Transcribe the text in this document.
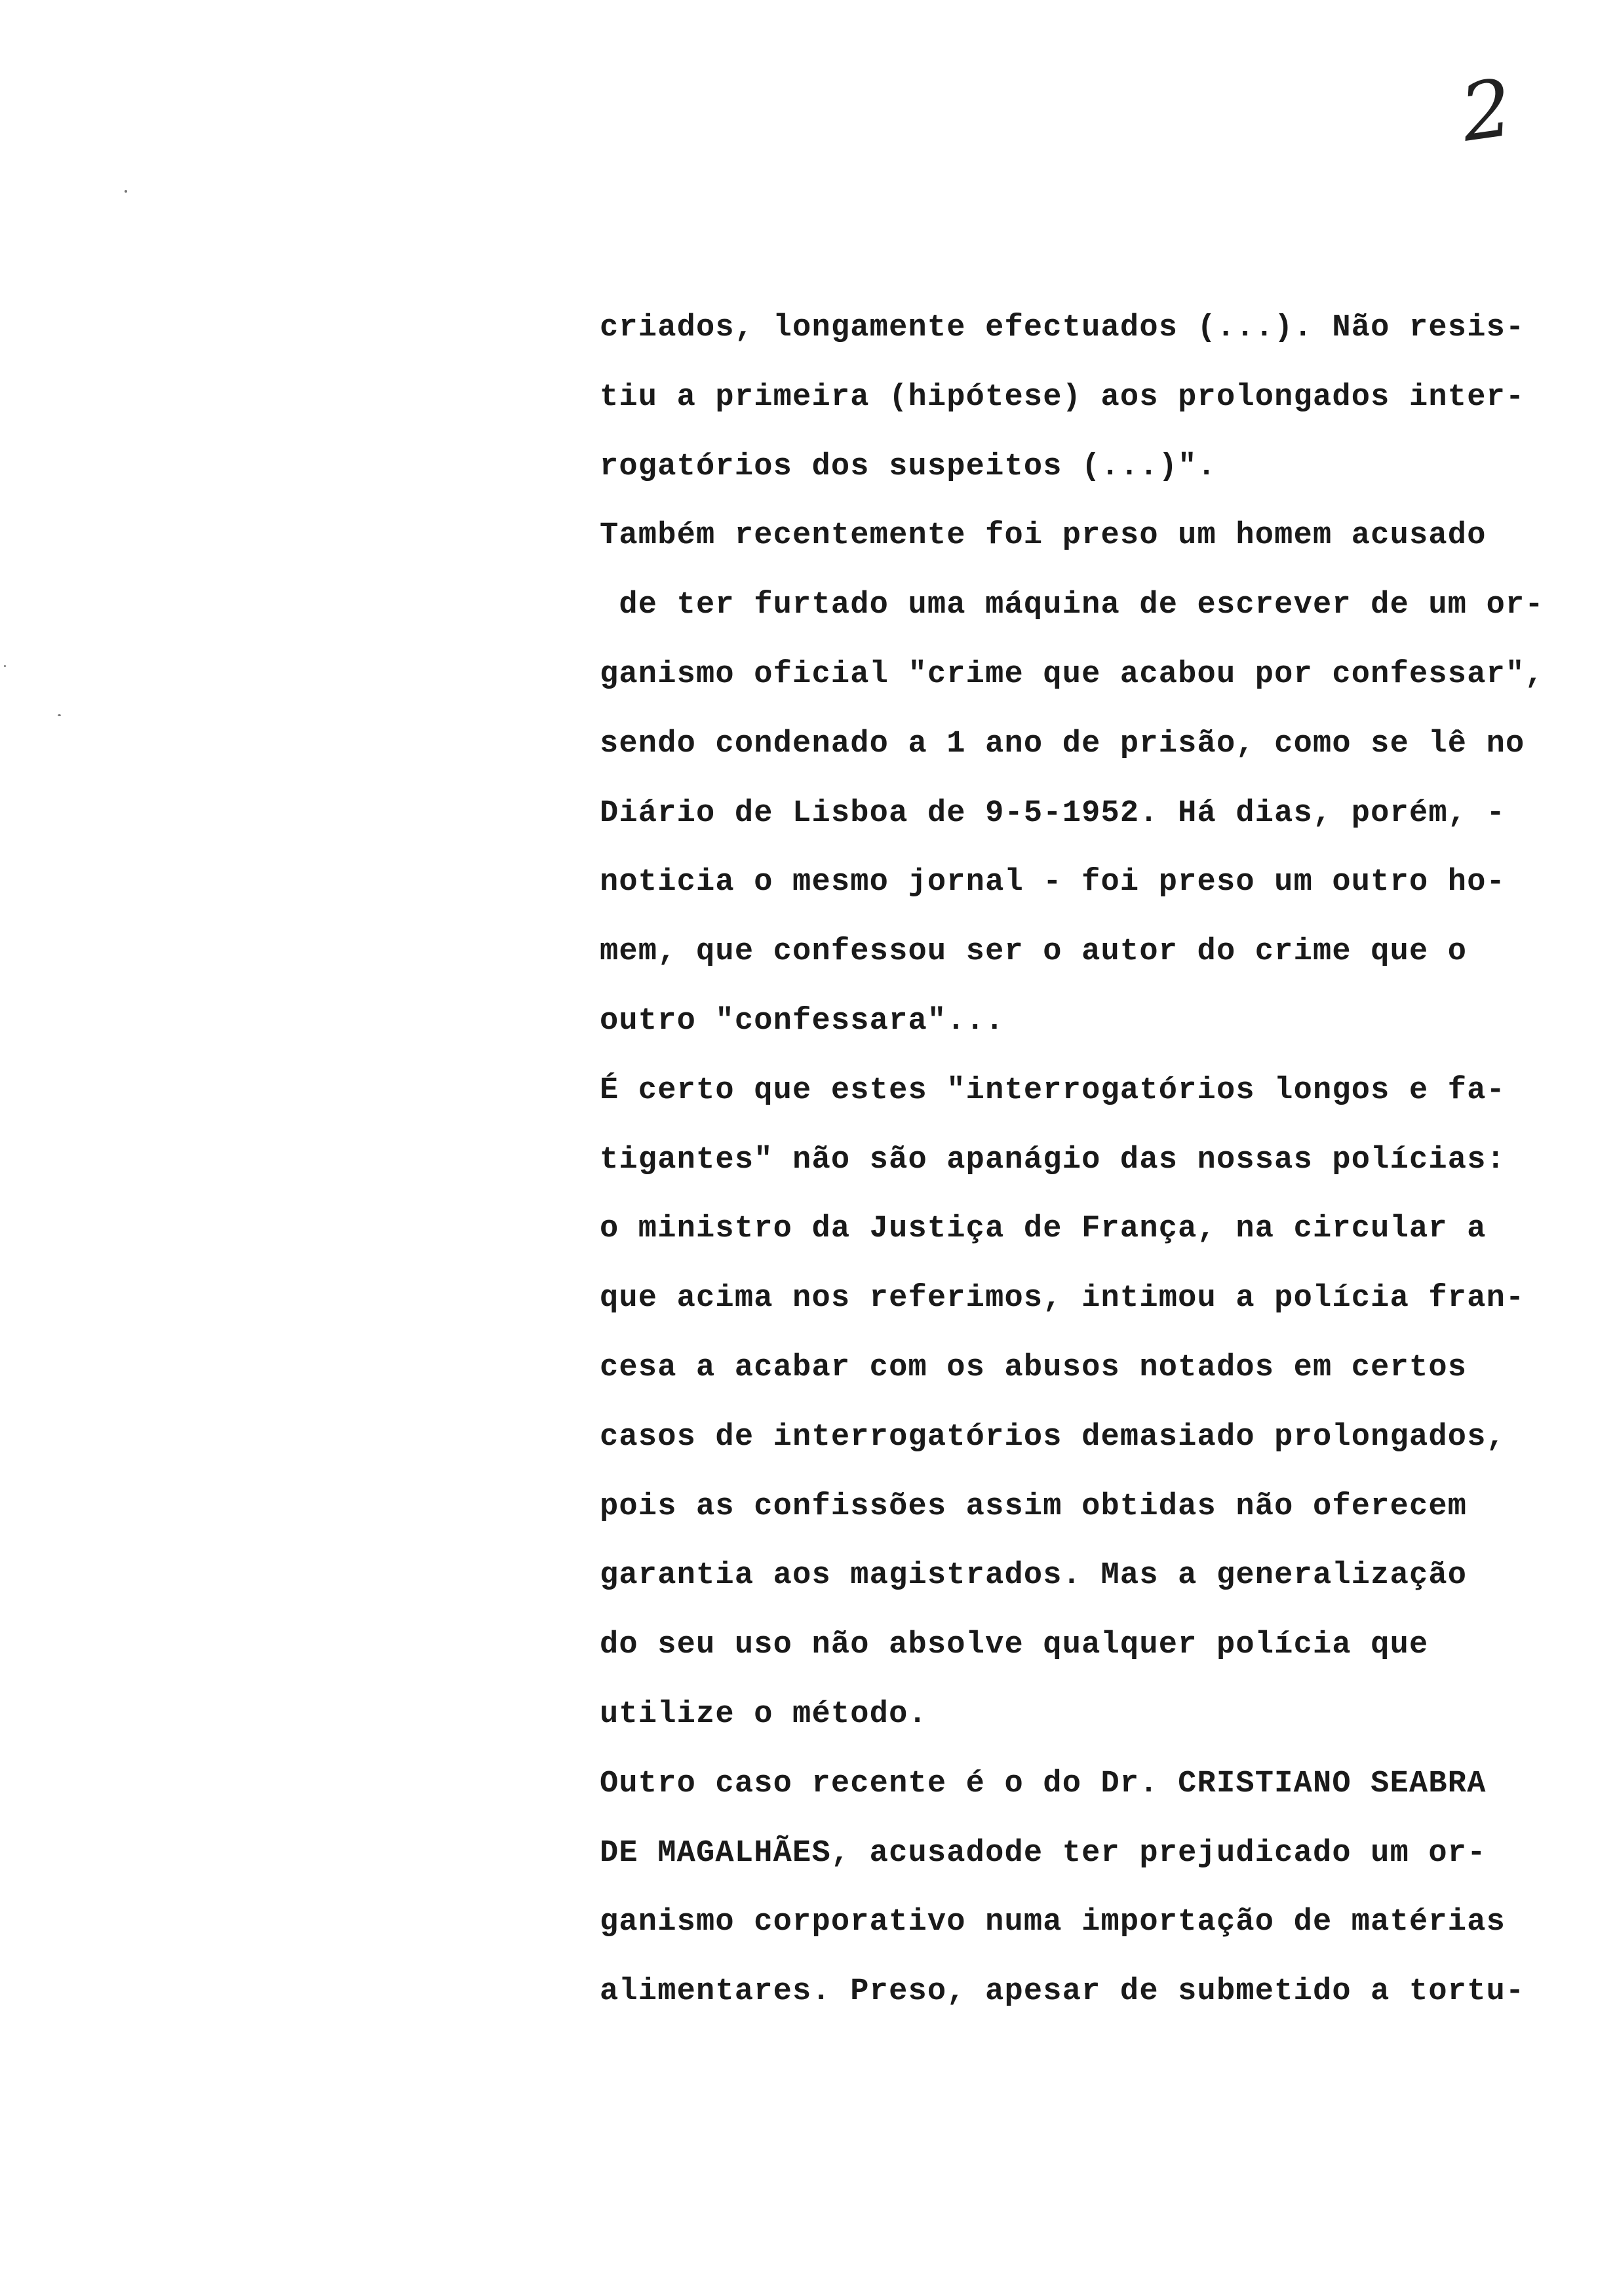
2
criados, longamente efectuados (...). Não resis-
tiu a primeira (hipótese) aos prolongados inter-
rogatórios dos suspeitos (...)".
Também recentemente foi preso um homem acusado
de ter furtado uma máquina de escrever de um or-
ganismo oficial "crime que acabou por confessar",
sendo condenado a 1 ano de prisão, como se lê no
Diário de Lisboa de 9-5-1952. Há dias, porém, -
noticia o mesmo jornal - foi preso um outro ho-
mem, que confessou ser o autor do crime que o
outro "confessara"...
É certo que estes "interrogatórios longos e fa-
tigantes" não são apanágio das nossas polícias:
o ministro da Justiça de França, na circular a
que acima nos referimos, intimou a polícia fran-
cesa a acabar com os abusos notados em certos
casos de interrogatórios demasiado prolongados,
pois as confissões assim obtidas não oferecem
garantia aos magistrados. Mas a generalização
do seu uso não absolve qualquer polícia que
utilize o método.
Outro caso recente é o do Dr. CRISTIANO SEABRA
DE MAGALHÃES, acusadode ter prejudicado um or-
ganismo corporativo numa importação de matérias
alimentares. Preso, apesar de submetido a tortu-
